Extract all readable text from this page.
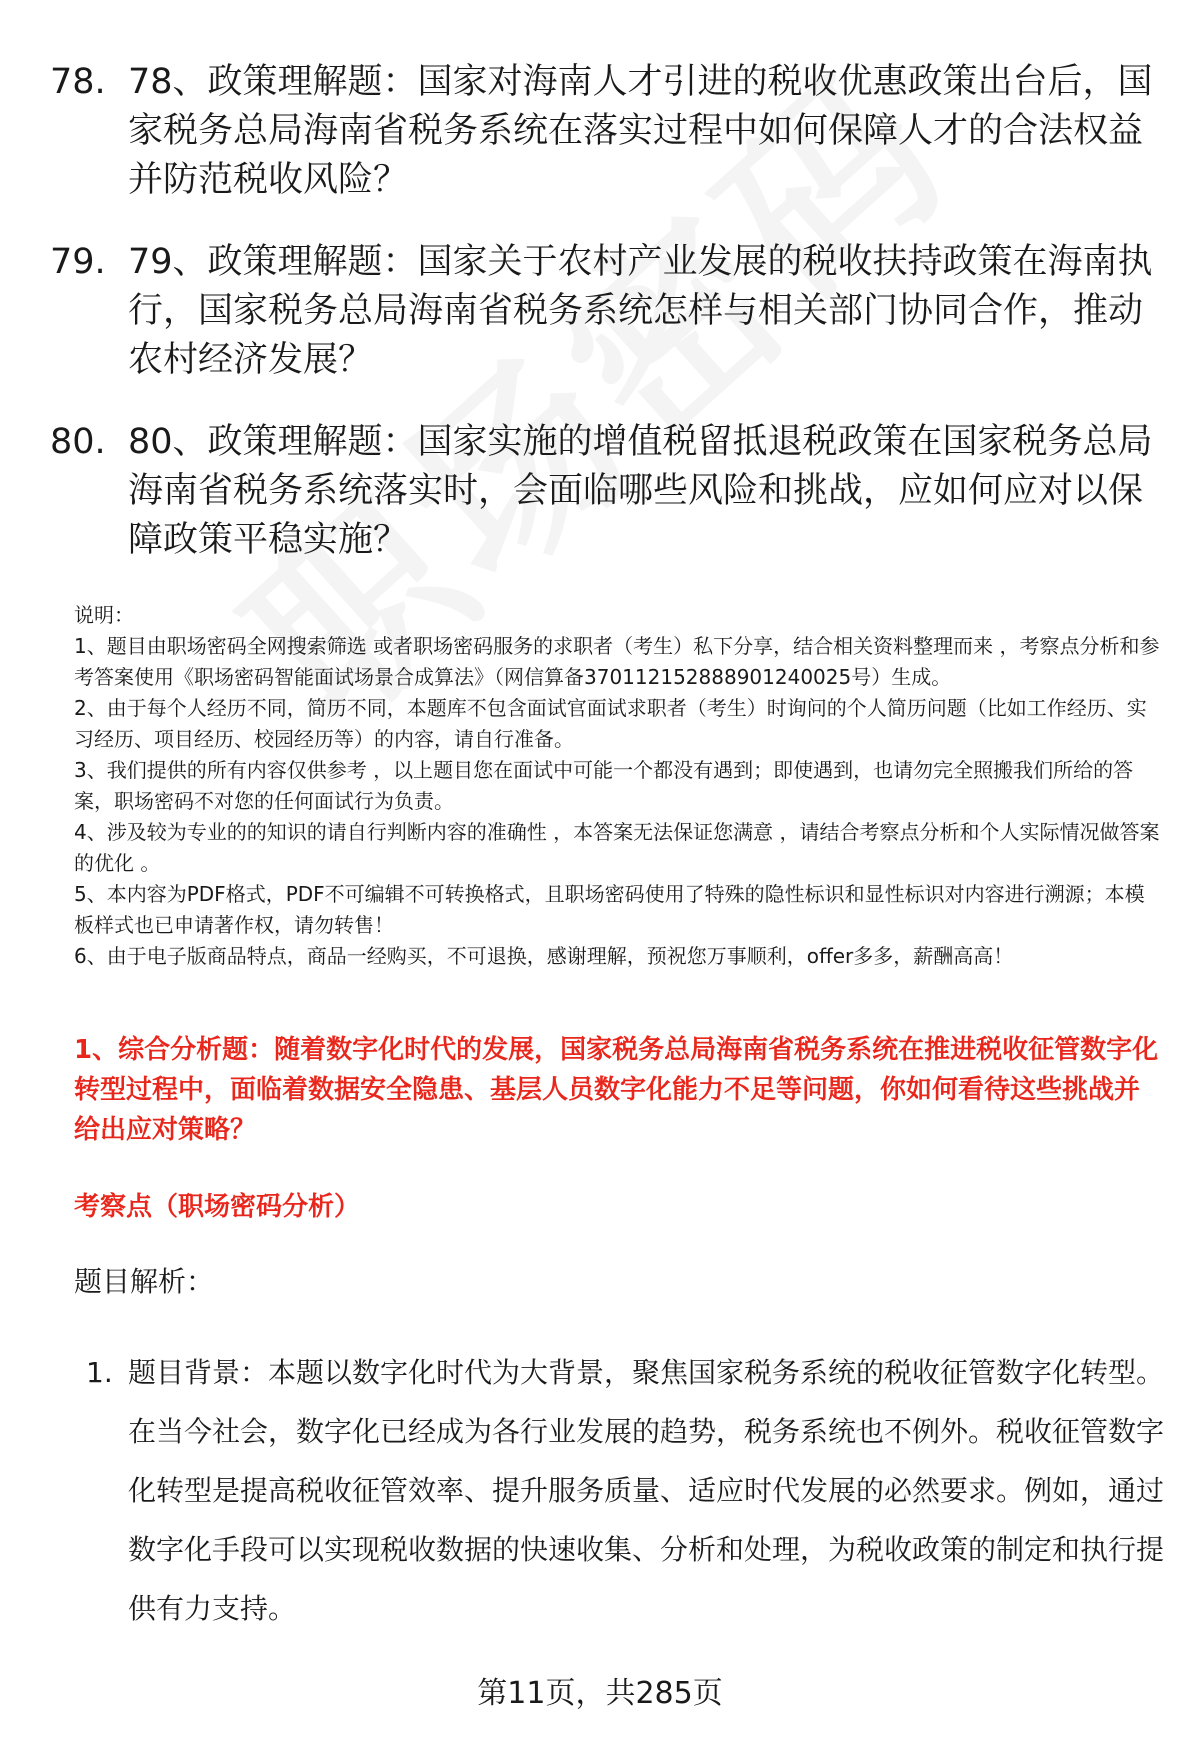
78. 78、政策理解题：国家对海南人才引进的税收优惠政策出台后，国家税务总局海南省税务系统在落实过程中如何保障人才的合法权益并防范税收风险？
79. 79、政策理解题：国家关于农村产业发展的税收扶持政策在海南执行，国家税务总局海南省税务系统怎样与相关部门协同合作，推动农村经济发展？
80. 80、政策理解题：国家实施的增值税留抵退税政策在国家税务总局海南省税务系统落实时，会面临哪些风险和挑战，应如何应对以保障政策平稳实施？

说明：

1、题目由职场密码全网搜索筛选 或者职场密码服务的求职者（考生）私下分享，结合相关资料整理而来 ，考察点分析和参考答案使用《职场密码智能面试场景合成算法》（网信算备370112152888901240025号）生成。

2、由于每个人经历不同，简历不同，本题库不包含面试官面试求职者（考生）时询问的个人简历问题（比如工作经历、实习经历、项目经历、校园经历等）的内容，请自行准备。

3、我们提供的所有内容仅供参考 ，以上题目您在面试中可能一个都没有遇到；即使遇到，也请勿完全照搬我们所给的答案，职场密码不对您的任何面试行为负责。

4、涉及较为专业的的知识的请自行判断内容的准确性 ，本答案无法保证您满意 ，请结合考察点分析和个人实际情况做答案的优化 。

5、本内容为PDF格式，PDF不可编辑不可转换格式，且职场密码使用了特殊的隐性标识和显性标识对内容进行溯源；本模板样式也已申请著作权，请勿转售！

6、由于电子版商品特点，商品一经购买，不可退换，感谢理解，预祝您万事顺利，offer多多，薪酬高高！

1、综合分析题：随着数字化时代的发展，国家税务总局海南省税务系统在推进税收征管数字化转型过程中，面临着数据安全隐患、基层人员数字化能力不足等问题，你如何看待这些挑战并给出应对策略？
考察点（职场密码分析）
题目解析：
1. 题目背景：本题以数字化时代为大背景，聚焦国家税务系统的税收征管数字化转型。在当今社会，数字化已经成为各行业发展的趋势，税务系统也不例外。税收征管数字化转型是提高税收征管效率、提升服务质量、适应时代发展的必然要求。例如，通过数字化手段可以实现税收数据的快速收集、分析和处理，为税收政策的制定和执行提供有力支持。
第11页，共285页
